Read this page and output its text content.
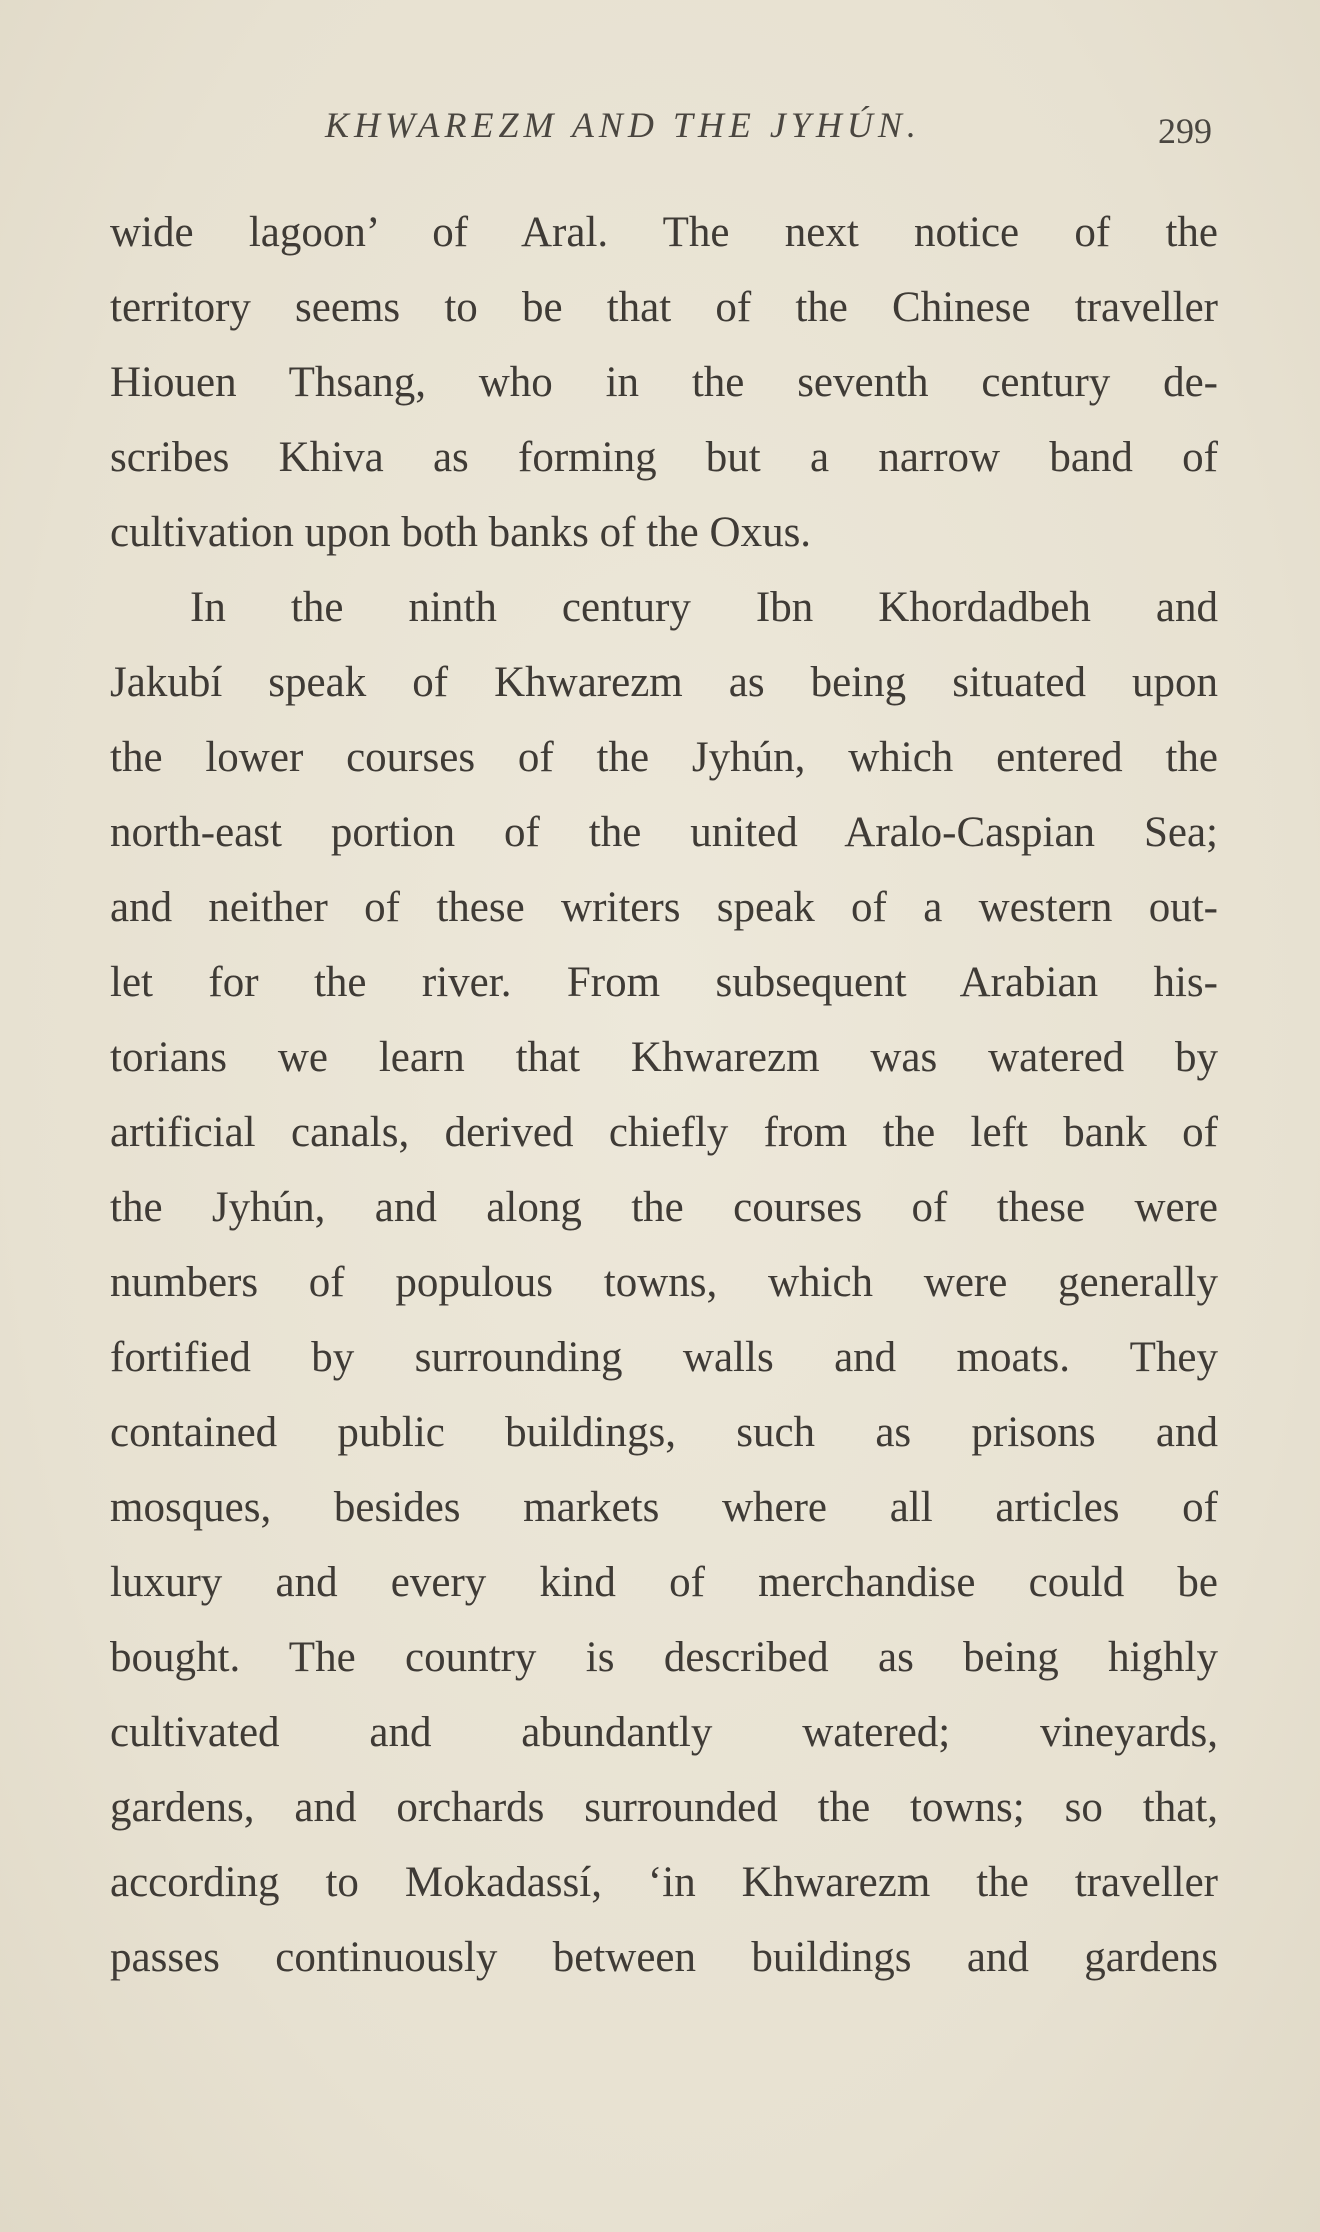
KHWAREZM AND THE JYHÚN.	299
wide lagoon’ of Aral. The next notice of the
territory seems to be that of the Chinese traveller
Hiouen Thsang, who in the seventh century de-
scribes Khiva as forming but a narrow band of
cultivation upon both banks of the Oxus.
In the ninth century Ibn Khordadbeh and
Jakubí speak of Khwarezm as being situated upon
the lower courses of the Jyhún, which entered the
north-east portion of the united Aralo-Caspian Sea;
and neither of these writers speak of a western out-
let for the river. From subsequent Arabian his-
torians we learn that Khwarezm was watered by
artificial canals, derived chiefly from the left bank of
the Jyhún, and along the courses of these were
numbers of populous towns, which were generally
fortified by surrounding walls and moats. They
contained public buildings, such as prisons and
mosques, besides markets where all articles of
luxury and every kind of merchandise could be
bought. The country is described as being highly
cultivated and abundantly watered; vineyards,
gardens, and orchards surrounded the towns; so that,
according to Mokadassí, ‘in Khwarezm the traveller
passes continuously between buildings and gardens
